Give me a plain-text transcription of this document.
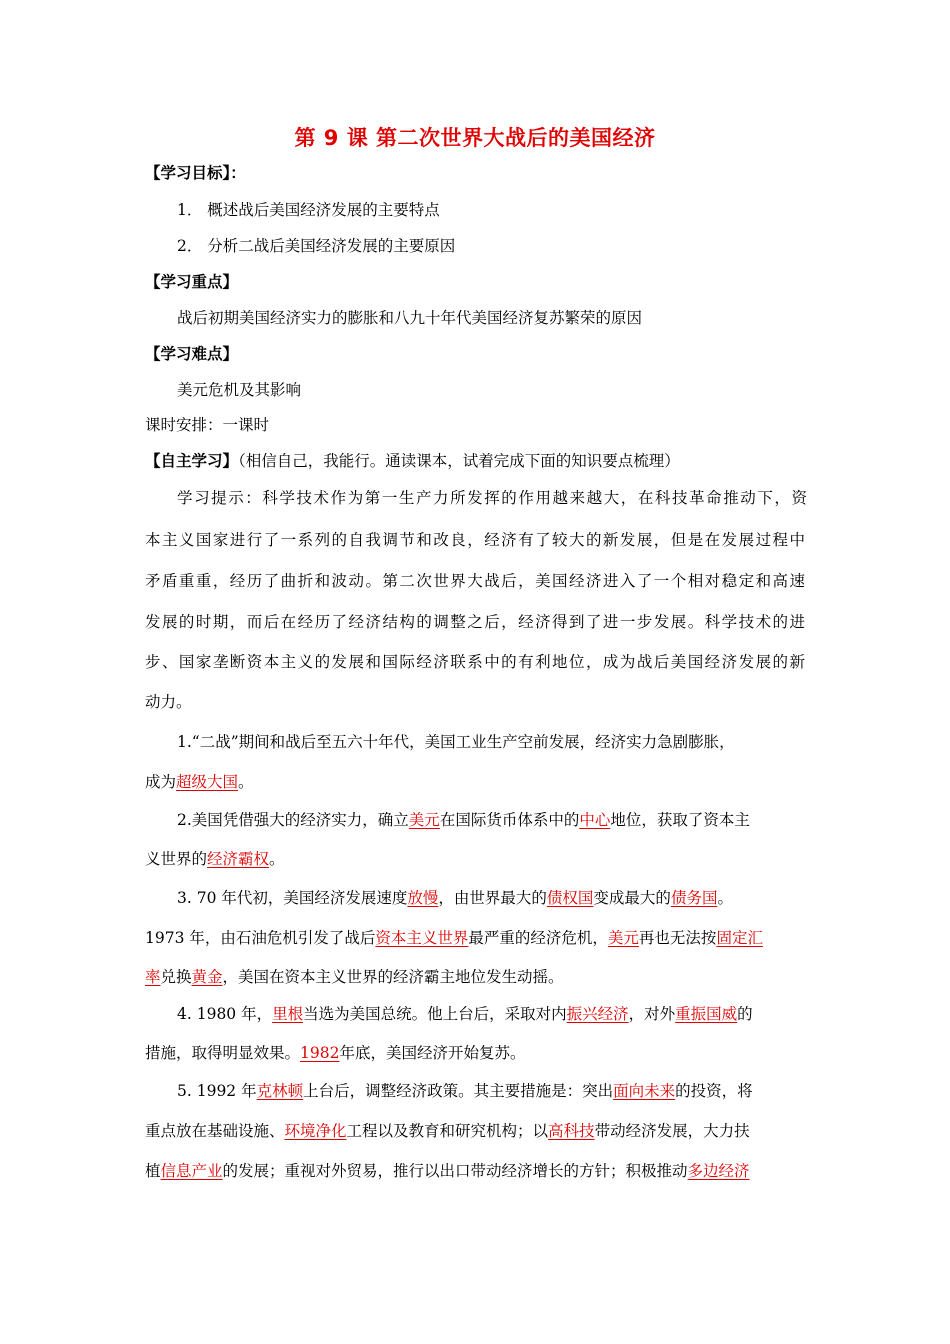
第 9 课 第二次世界大战后的美国经济
【学习目标】：
1． 概述战后美国经济发展的主要特点
2． 分析二战后美国经济发展的主要原因
【学习重点】
战后初期美国经济实力的膨胀和八九十年代美国经济复苏繁荣的原因
【学习难点】
美元危机及其影响
课时安排：一课时
【自主学习】（相信自己，我能行。通读课本，试着完成下面的知识要点梳理）
学习提示：科学技术作为第一生产力所发挥的作用越来越大，在科技革命推动下，资
本主义国家进行了一系列的自我调节和改良，经济有了较大的新发展，但是在发展过程中
矛盾重重，经历了曲折和波动。第二次世界大战后，美国经济进入了一个相对稳定和高速
发展的时期，而后在经历了经济结构的调整之后，经济得到了进一步发展。科学技术的进
步、国家垄断资本主义的发展和国际经济联系中的有利地位，成为战后美国经济发展的新
动力。
1.“二战”期间和战后至五六十年代，美国工业生产空前发展，经济实力急剧膨胀，
成为超级大国。
2.美国凭借强大的经济实力，确立美元在国际货币体系中的中心地位，获取了资本主
义世界的经济霸权。
3. 70 年代初，美国经济发展速度放慢，由世界最大的债权国变成最大的债务国。
1973 年，由石油危机引发了战后资本主义世界最严重的经济危机，美元再也无法按固定汇
率兑换黄金，美国在资本主义世界的经济霸主地位发生动摇。
4. 1980 年，里根当选为美国总统。他上台后，采取对内振兴经济，对外重振国威的
措施，取得明显效果。1982年底，美国经济开始复苏。
5. 1992 年克林顿上台后，调整经济政策。其主要措施是：突出面向未来的投资，将
重点放在基础设施、环境净化工程以及教育和研究机构；以高科技带动经济发展，大力扶
植信息产业的发展；重视对外贸易，推行以出口带动经济增长的方针；积极推动多边经济
